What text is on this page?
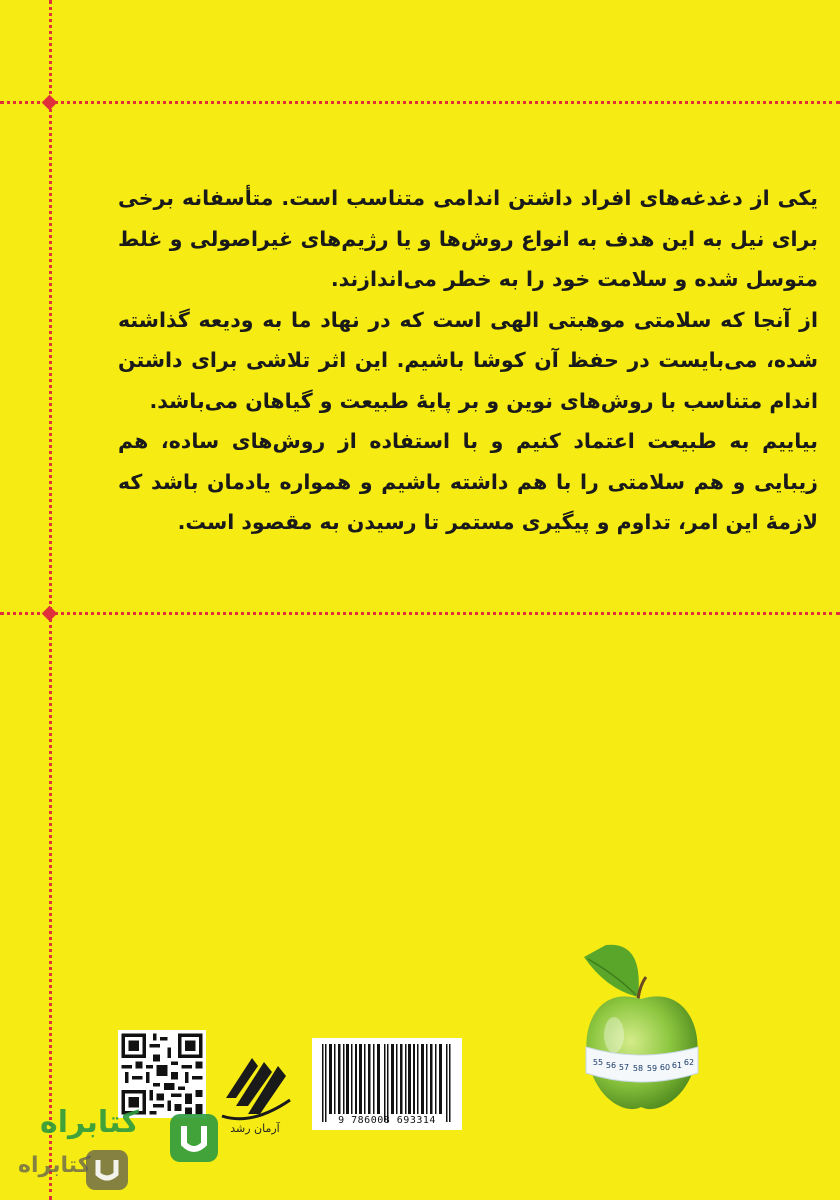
یکی از دغدغه‌های افراد داشتن اندامی متناسب است. متأسفانه برخی برای نیل به این هدف به انواع روش‌ها و یا رژیم‌های غیراصولی و غلط متوسل شده و سلامت خود را به خطر می‌اندازند.

از آنجا که سلامتی موهبتی الهی است که در نهاد ما به ودیعه گذاشته شده، می‌بایست در حفظ آن کوشا باشیم. این اثر تلاشی برای داشتن اندام متناسب با روش‌های نوین و بر پایهٔ طبیعت و گیاهان می‌باشد.

بیاییم به طبیعت اعتماد کنیم و با استفاده از روش‌های ساده، هم زیبایی و هم سلامتی را با هم داشته باشیم و همواره یادمان باشد که لازمهٔ این امر، تداوم و پیگیری مستمر تا رسیدن به مقصود است.

آرمان رشد
9 786008 693314
55 56 57 58 59 60 61 62
کتابراه
کتابراه
